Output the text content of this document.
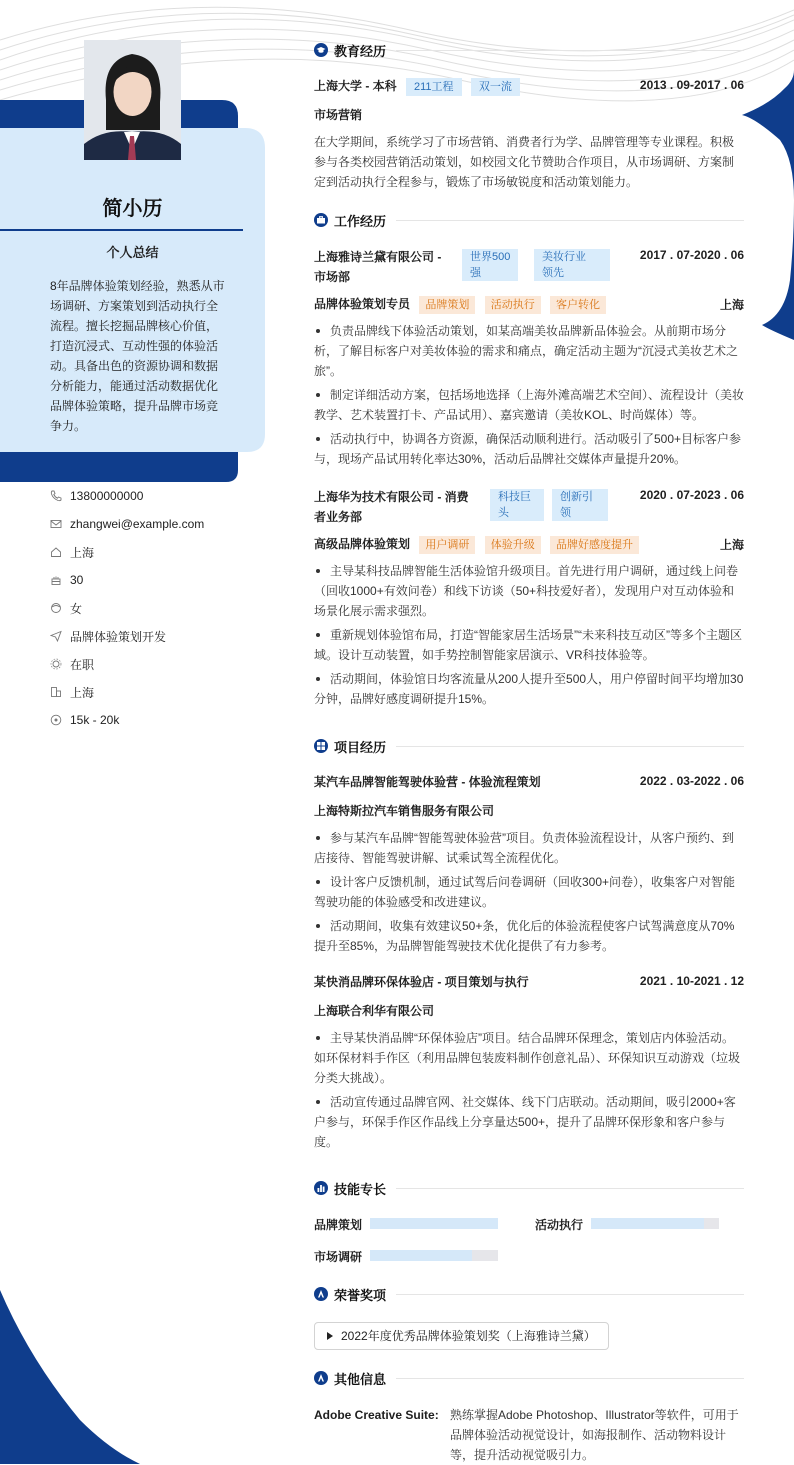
简小历
个人总结
8年品牌体验策划经验，熟悉从市场调研、方案策划到活动执行全流程。擅长挖掘品牌核心价值，打造沉浸式、互动性强的体验活动。具备出色的资源协调和数据分析能力，能通过活动数据优化品牌体验策略，提升品牌市场竞争力。
13800000000
zhangwei@example.com
上海
30
女
品牌体验策划开发
在职
上海
15k - 20k
教育经历
上海大学 - 本科 211工程 双一流	2013 . 09-2017 . 06
市场营销
在大学期间，系统学习了市场营销、消费者行为学、品牌管理等专业课程。积极参与各类校园营销活动策划，如校园文化节赞助合作项目，从市场调研、方案制定到活动执行全程参与，锻炼了市场敏锐度和活动策划能力。
工作经历
上海雅诗兰黛有限公司 -
市场部
世界500
强
美妆行业
领先
2017 . 07-2020 . 06
品牌体验策划专员 品牌策划 活动执行 客户转化	上海
负责品牌线下体验活动策划，如某高端美妆品牌新品体验会。从前期市场分析，了解目标客户对美妆体验的需求和痛点，确定活动主题为“沉浸式美妆艺术之旅”。
制定详细活动方案，包括场地选择（上海外滩高端艺术空间）、流程设计（美妆教学、艺术装置打卡、产品试用）、嘉宾邀请（美妆KOL、时尚媒体）等。
活动执行中，协调各方资源，确保活动顺利进行。活动吸引了500+目标客户参与，现场产品试用转化率达30%，活动后品牌社交媒体声量提升20%。
上海华为技术有限公司 - 消费
者业务部
科技巨
头
创新引
领
2020 . 07-2023 . 06
高级品牌体验策划 用户调研 体验升级 品牌好感度提升	上海
主导某科技品牌智能生活体验馆升级项目。首先进行用户调研，通过线上问卷（回收1000+有效问卷）和线下访谈（50+科技爱好者），发现用户对互动体验和场景化展示需求强烈。
重新规划体验馆布局，打造“智能家居生活场景”“未来科技互动区”等多个主题区域。设计互动装置，如手势控制智能家居演示、VR科技体验等。
活动期间，体验馆日均客流量从200人提升至500人，用户停留时间平均增加30分钟，品牌好感度调研提升15%。
项目经历
某汽车品牌智能驾驶体验营 - 体验流程策划	2022 . 03-2022 . 06
上海特斯拉汽车销售服务有限公司
参与某汽车品牌“智能驾驶体验营”项目。负责体验流程设计，从客户预约、到店接待、智能驾驶讲解、试乘试驾全流程优化。
设计客户反馈机制，通过试驾后问卷调研（回收300+问卷），收集客户对智能驾驶功能的体验感受和改进建议。
活动期间，收集有效建议50+条，优化后的体验流程使客户试驾满意度从70%提升至85%，为品牌智能驾驶技术优化提供了有力参考。
某快消品牌环保体验店 - 项目策划与执行	2021 . 10-2021 . 12
上海联合利华有限公司
主导某快消品牌“环保体验店”项目。结合品牌环保理念，策划店内体验活动。如环保材料手作区（利用品牌包装废料制作创意礼品）、环保知识互动游戏（垃圾分类大挑战）。
活动宣传通过品牌官网、社交媒体、线下门店联动。活动期间，吸引2000+客户参与，环保手作区作品线上分享量达500+，提升了品牌环保形象和客户参与度。
技能专长
品牌策划	活动执行
市场调研
荣誉奖项
2022年度优秀品牌体验策划奖（上海雅诗兰黛）
其他信息
Adobe Creative Suite: 熟练掌握Adobe Photoshop、Illustrator等软件，可用于品牌体验活动视觉设计，如海报制作、活动物料设计等，提升活动视觉吸引力。
